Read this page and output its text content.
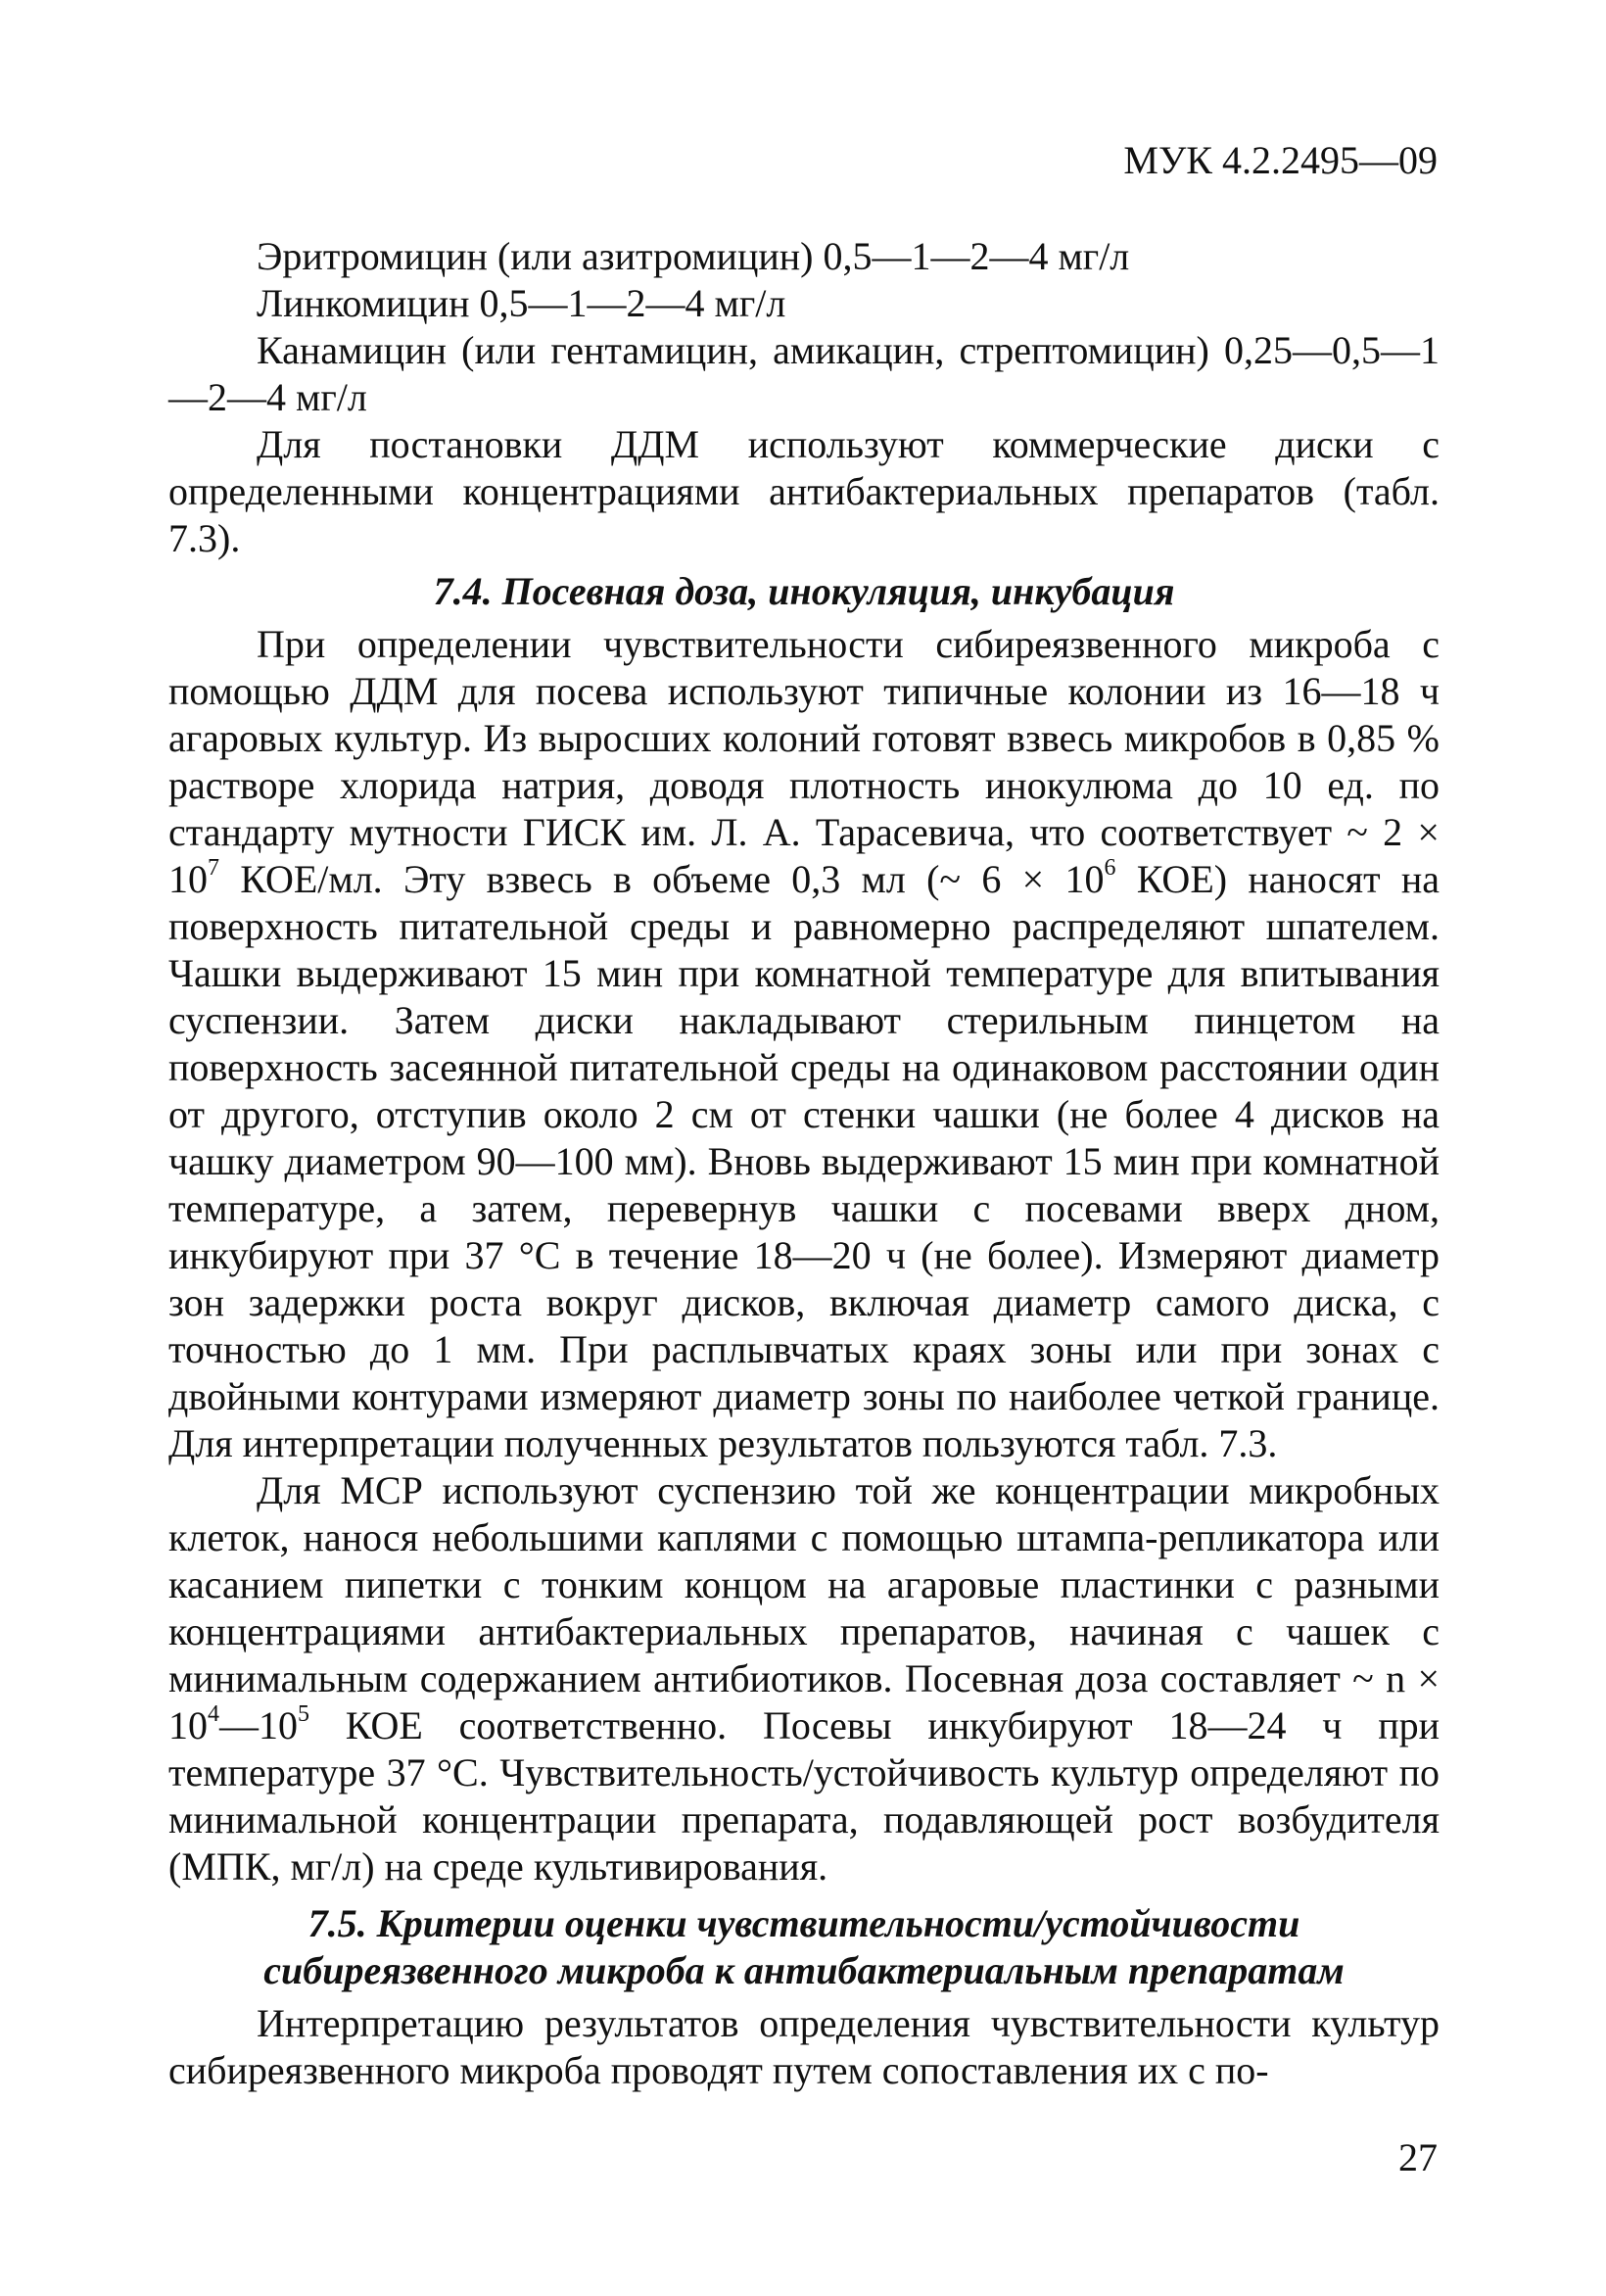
МУК 4.2.2495—09

Эритромицин (или азитромицин) 0,5—1—2—4 мг/л

Линкомицин 0,5—1—2—4 мг/л

Канамицин (или гентамицин, амикацин, стрептомицин) 0,25—0,5—1—2—4 мг/л

Для постановки ДДМ используют коммерческие диски с определенными концентрациями антибактериальных препаратов (табл. 7.3).

7.4. Посевная доза, инокуляция, инкубация

При определении чувствительности сибиреязвенного микроба с помощью ДДМ для посева используют типичные колонии из 16—18 ч агаровых культур. Из выросших колоний готовят взвесь микробов в 0,85 % растворе хлорида натрия, доводя плотность инокулюма до 10 ед. по стандарту мутности ГИСК им. Л. А. Тарасевича, что соответствует ~ $2 \times 10^7$ КОЕ/мл. Эту взвесь в объеме 0,3 мл (~ $6 \times 10^6$ КОЕ) наносят на поверхность питательной среды и равномерно распределяют шпателем. Чашки выдерживают 15 мин при комнатной температуре для впитывания суспензии. Затем диски накладывают стерильным пинцетом на поверхность засеянной питательной среды на одинаковом расстоянии один от другого, отступив около 2 см от стенки чашки (не более 4 дисков на чашку диаметром 90—100 мм). Вновь выдерживают 15 мин при комнатной температуре, а затем, перевернув чашки с посевами вверх дном, инкубируют при 37 °С в течение 18—20 ч (не более). Измеряют диаметр зон задержки роста вокруг дисков, включая диаметр самого диска, с точностью до 1 мм. При расплывчатых краях зоны или при зонах с двойными контурами измеряют диаметр зоны по наиболее четкой границе. Для интерпретации полученных результатов пользуются табл. 7.3.

Для МСР используют суспензию той же концентрации микробных клеток, нанося небольшими каплями с помощью штампа-репликатора или касанием пипетки с тонким концом на агаровые пластинки с разными концентрациями антибактериальных препаратов, начиная с чашек с минимальным содержанием антибиотиков. Посевная доза составляет ~ $n \times 10^4—10^5$ КОЕ соответственно. Посевы инкубируют 18—24 ч при температуре 37 °С. Чувствительность/устойчивость культур определяют по минимальной концентрации препарата, подавляющей рост возбудителя (МПК, мг/л) на среде культивирования.

7.5. Критерии оценки чувствительности/устойчивости
сибиреязвенного микроба к антибактериальным препаратам

Интерпретацию результатов определения чувствительности культур сибиреязвенного микроба проводят путем сопоставления их с по-

27
